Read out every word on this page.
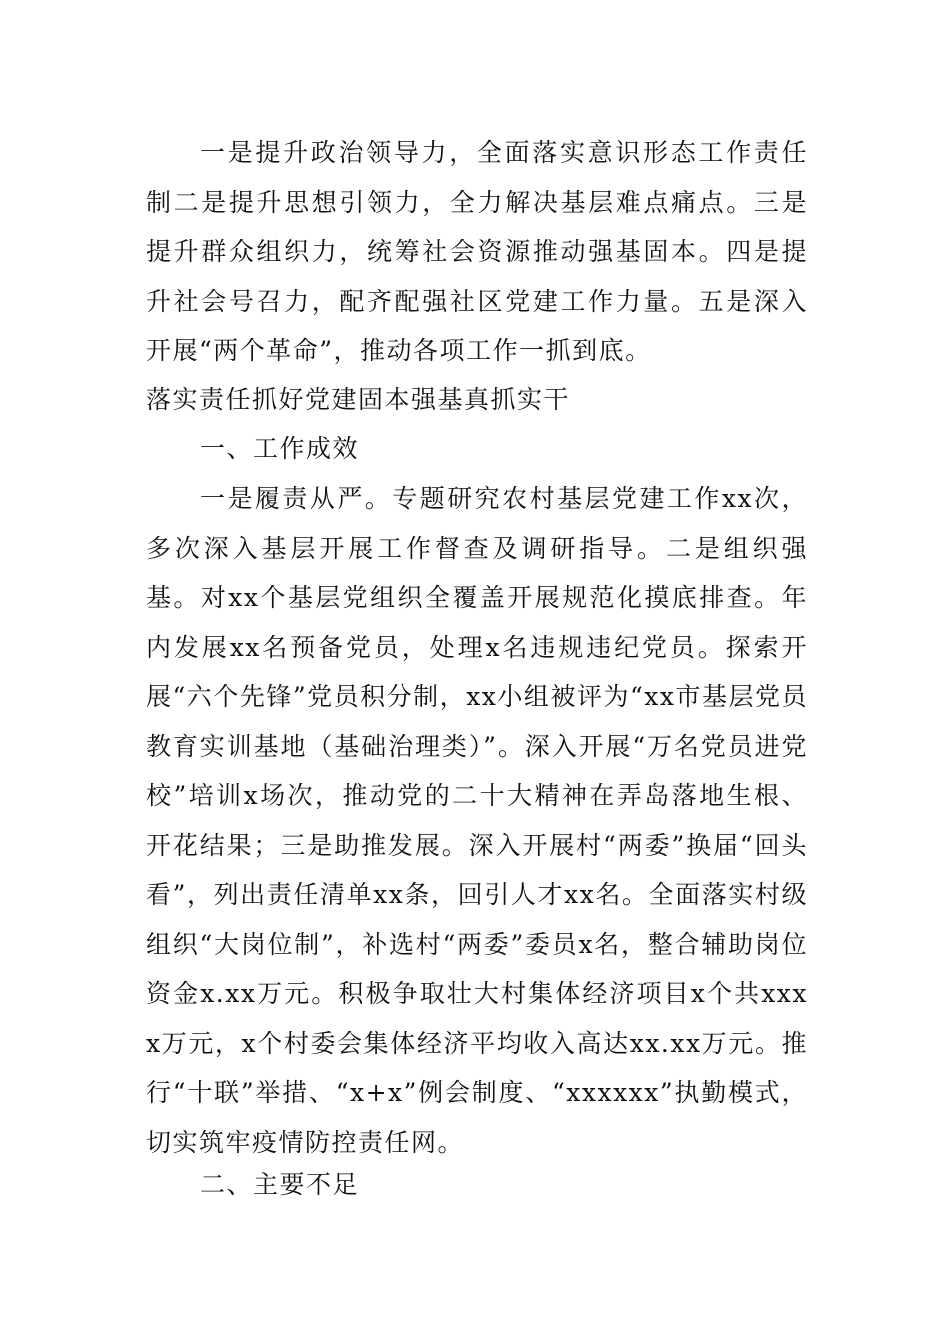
一是提升政治领导力，全面落实意识形态工作责任制二是提升思想引领力，全力解决基层难点痛点。三是提升群众组织力，统筹社会资源推动强基固本。四是提升社会号召力，配齐配强社区党建工作力量。五是深入开展“两个革命”，推动各项工作一抓到底。

落实责任抓好党建固本强基真抓实干

一、工作成效

一是履责从严。专题研究农村基层党建工作xx次，多次深入基层开展工作督查及调研指导。二是组织强基。对xx个基层党组织全覆盖开展规范化摸底排查。年内发展xx名预备党员，处理x名违规违纪党员。探索开展“六个先锋”党员积分制，xx小组被评为“xx市基层党员教育实训基地（基础治理类）”。深入开展“万名党员进党校”培训x场次，推动党的二十大精神在弄岛落地生根、开花结果；三是助推发展。深入开展村“两委”换届“回头看”，列出责任清单xx条，回引人才xx名。全面落实村级组织“大岗位制”，补选村“两委”委员x名，整合辅助岗位资金x.xx万元。积极争取壮大村集体经济项目x个共xxxx万元，x个村委会集体经济平均收入高达xx.xx万元。推行“十联”举措、“x+x”例会制度、“xxxxxx”执勤模式，切实筑牢疫情防控责任网。

二、主要不足
